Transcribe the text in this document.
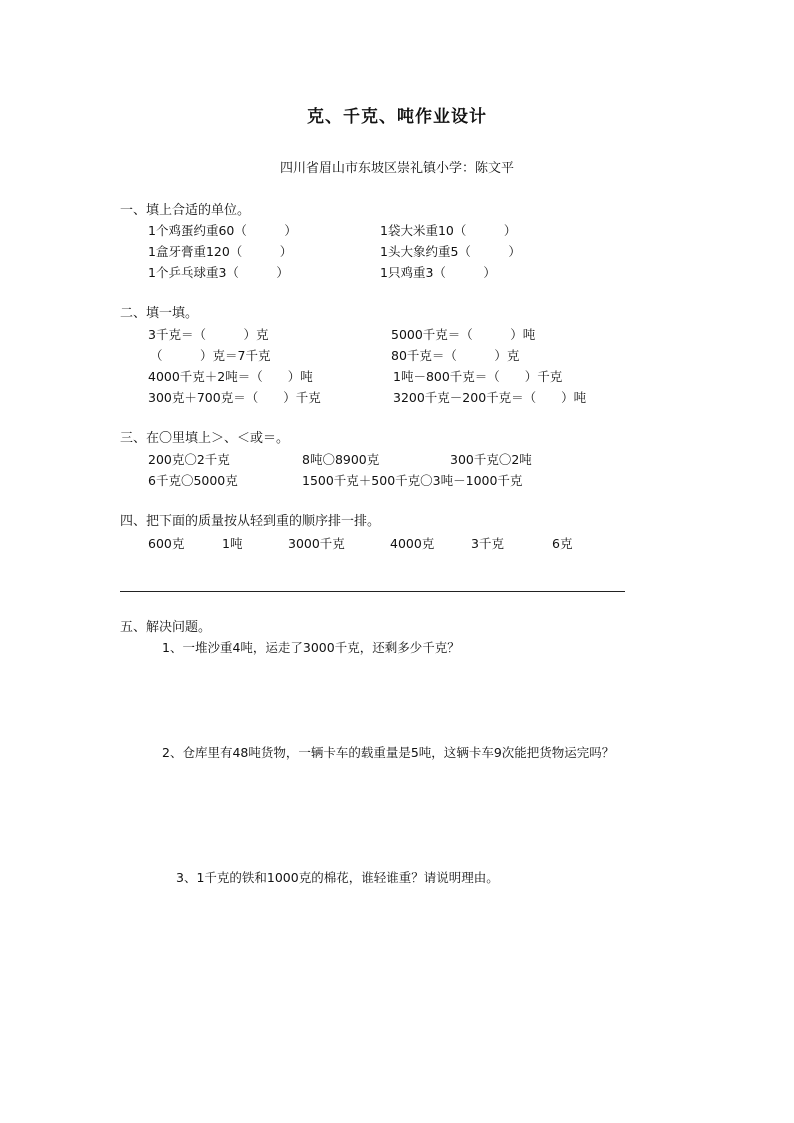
克、千克、吨作业设计
四川省眉山市东坡区崇礼镇小学：陈文平
一、填上合适的单位。
1个鸡蛋约重60（　　　）	1袋大米重10（　　　）
1盒牙膏重120（　　　）	1头大象约重5（　　　）
1个乒乓球重3（　　　）	1只鸡重3（　　　）
二、填一填。
3千克＝（　　　）克	5000千克＝（　　　）吨
（　　　）克＝7千克	80千克＝（　　　）克
4000千克＋2吨＝（　　）吨	1吨－800千克＝（　　）千克
300克＋700克＝（　　）千克	3200千克－200千克＝（　　）吨
三、在〇里填上＞、＜或＝。
200克〇2千克	8吨〇8900克	300千克〇2吨
6千克〇5000克	1500千克＋500千克〇3吨－1000千克
四、把下面的质量按从轻到重的顺序排一排。
600克	1吨	3000千克	4000克	3千克	6克
五、解决问题。
1、一堆沙重4吨，运走了3000千克，还剩多少千克？
2、仓库里有48吨货物，一辆卡车的载重量是5吨，这辆卡车9次能把货物运完吗？
3、1千克的铁和1000克的棉花，谁轻谁重？请说明理由。
